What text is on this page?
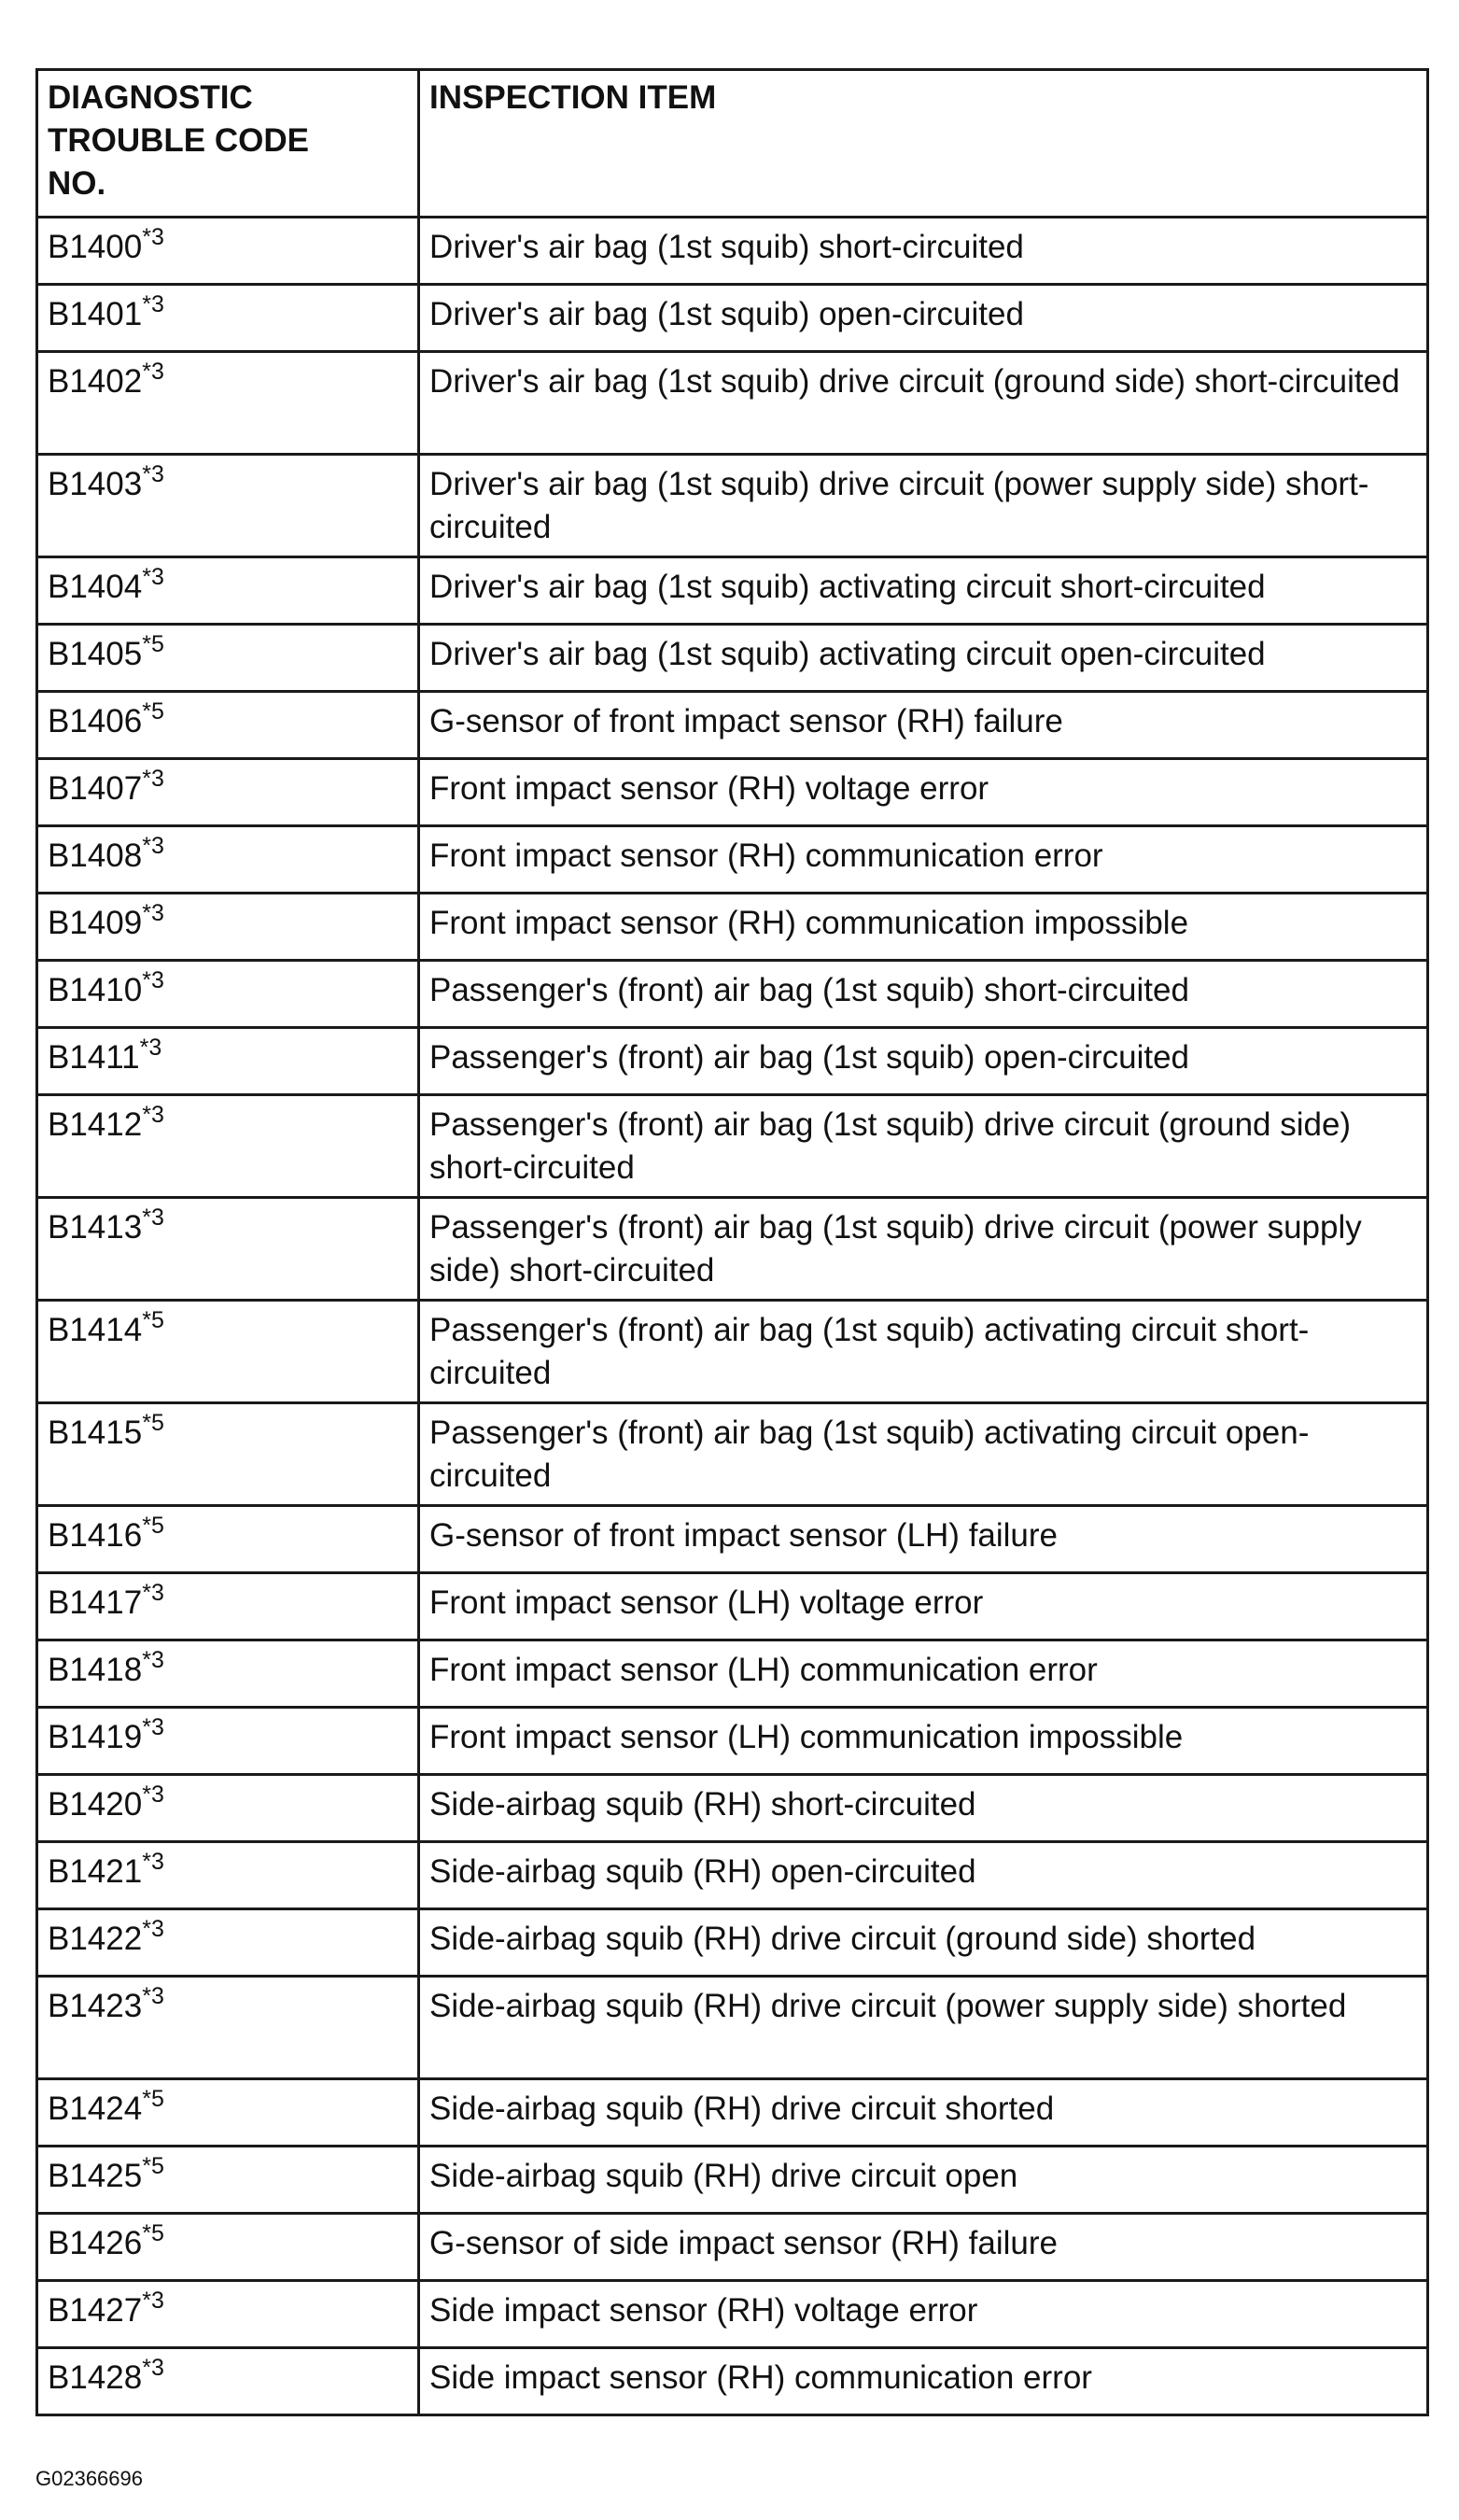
DIAGNOSTIC
TROUBLE CODE
NO.	INSPECTION ITEM
B1400$^{*3}$	Driver's air bag (1st squib) short-circuited
B1401$^{*3}$	Driver's air bag (1st squib) open-circuited
B1402$^{*3}$	Driver's air bag (1st squib) drive circuit (ground side) short-circuited
B1403$^{*3}$	Driver's air bag (1st squib) drive circuit (power supply side) short-circuited
B1404$^{*3}$	Driver's air bag (1st squib) activating circuit short-circuited
B1405$^{*5}$	Driver's air bag (1st squib) activating circuit open-circuited
B1406$^{*5}$	G-sensor of front impact sensor (RH) failure
B1407$^{*3}$	Front impact sensor (RH) voltage error
B1408$^{*3}$	Front impact sensor (RH) communication error
B1409$^{*3}$	Front impact sensor (RH) communication impossible
B1410$^{*3}$	Passenger's (front) air bag (1st squib) short-circuited
B1411$^{*3}$	Passenger's (front) air bag (1st squib) open-circuited
B1412$^{*3}$	Passenger's (front) air bag (1st squib) drive circuit (ground side) short-circuited
B1413$^{*3}$	Passenger's (front) air bag (1st squib) drive circuit (power supply side) short-circuited
B1414$^{*5}$	Passenger's (front) air bag (1st squib) activating circuit short-circuited
B1415$^{*5}$	Passenger's (front) air bag (1st squib) activating circuit open-circuited
B1416$^{*5}$	G-sensor of front impact sensor (LH) failure
B1417$^{*3}$	Front impact sensor (LH) voltage error
B1418$^{*3}$	Front impact sensor (LH) communication error
B1419$^{*3}$	Front impact sensor (LH) communication impossible
B1420$^{*3}$	Side-airbag squib (RH) short-circuited
B1421$^{*3}$	Side-airbag squib (RH) open-circuited
B1422$^{*3}$	Side-airbag squib (RH) drive circuit (ground side) shorted
B1423$^{*3}$	Side-airbag squib (RH) drive circuit (power supply side) shorted
B1424$^{*5}$	Side-airbag squib (RH) drive circuit shorted
B1425$^{*5}$	Side-airbag squib (RH) drive circuit open
B1426$^{*5}$	G-sensor of side impact sensor (RH) failure
B1427$^{*3}$	Side impact sensor (RH) voltage error
B1428$^{*3}$	Side impact sensor (RH) communication error
G02366696
